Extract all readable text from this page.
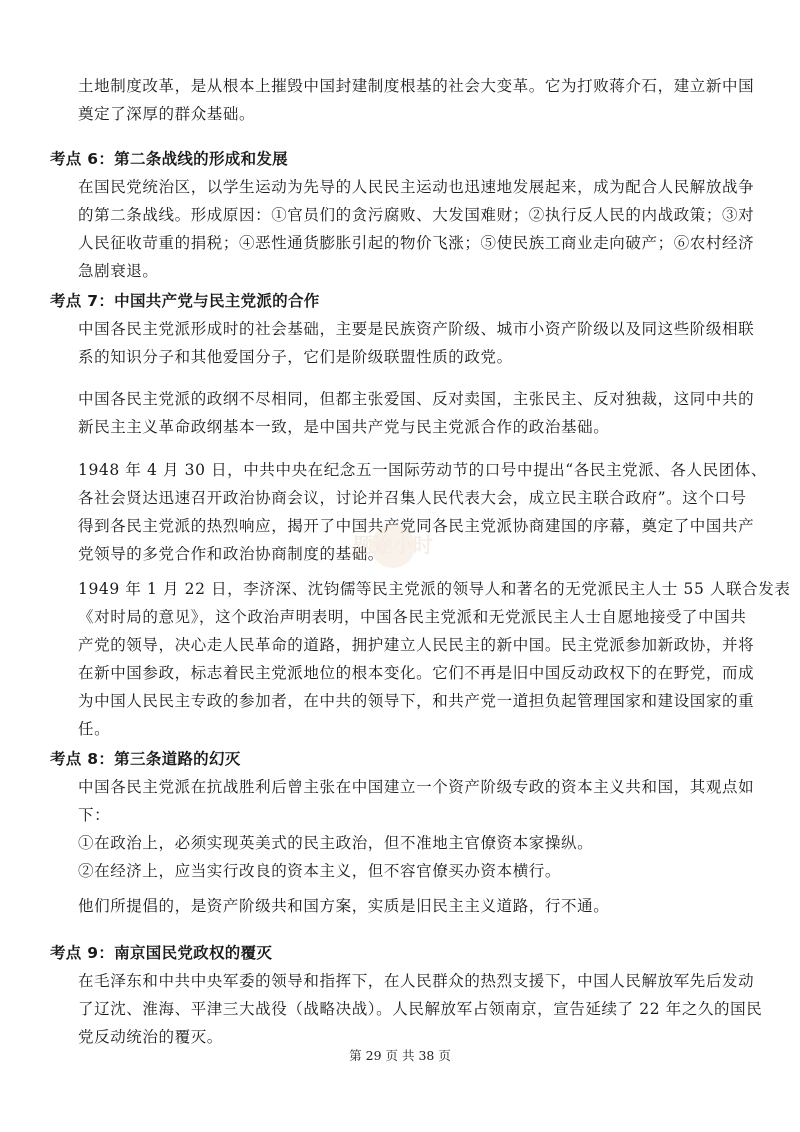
土地制度改革，是从根本上摧毁中国封建制度根基的社会大变革。它为打败蒋介石，建立新中国
奠定了深厚的群众基础。
考点 6：第二条战线的形成和发展
在国民党统治区，以学生运动为先导的人民民主运动也迅速地发展起来，成为配合人民解放战争
的第二条战线。形成原因：①官员们的贪污腐败、大发国难财；②执行反人民的内战政策；③对
人民征收苛重的捐税；④恶性通货膨胀引起的物价飞涨；⑤使民族工商业走向破产；⑥农村经济
急剧衰退。
考点 7：中国共产党与民主党派的合作
中国各民主党派形成时的社会基础，主要是民族资产阶级、城市小资产阶级以及同这些阶级相联
系的知识分子和其他爱国分子，它们是阶级联盟性质的政党。
中国各民主党派的政纲不尽相同，但都主张爱国、反对卖国，主张民主、反对独裁，这同中共的
新民主主义革命政纲基本一致，是中国共产党与民主党派合作的政治基础。
1948 年 4 月 30 日，中共中央在纪念五一国际劳动节的口号中提出“各民主党派、各人民团体、
各社会贤达迅速召开政治协商会议，讨论并召集人民代表大会，成立民主联合政府”。这个口号
得到各民主党派的热烈响应，揭开了中国共产党同各民主党派协商建国的序幕，奠定了中国共产
党领导的多党合作和政治协商制度的基础。
1949 年 1 月 22 日，李济深、沈钧儒等民主党派的领导人和著名的无党派民主人士 55 人联合发表
《对时局的意见》，这个政治声明表明，中国各民主党派和无党派民主人士自愿地接受了中国共
产党的领导，决心走人民革命的道路，拥护建立人民民主的新中国。民主党派参加新政协，并将
在新中国参政，标志着民主党派地位的根本变化。它们不再是旧中国反动政权下的在野党，而成
为中国人民民主专政的参加者，在中共的领导下，和共产党一道担负起管理国家和建设国家的重
任。
考点 8：第三条道路的幻灭
中国各民主党派在抗战胜利后曾主张在中国建立一个资产阶级专政的资本主义共和国，其观点如
下：
①在政治上，必须实现英美式的民主政治，但不准地主官僚资本家操纵。
②在经济上，应当实行改良的资本主义，但不容官僚买办资本横行。
他们所提倡的，是资产阶级共和国方案，实质是旧民主主义道路，行不通。
考点 9：南京国民党政权的覆灭
在毛泽东和中共中央军委的领导和指挥下，在人民群众的热烈支援下，中国人民解放军先后发动
了辽沈、淮海、平津三大战役（战略决战）。人民解放军占领南京，宣告延续了 22 年之久的国民
党反动统治的覆灭。
题途小时
第 29 页 共 38 页
